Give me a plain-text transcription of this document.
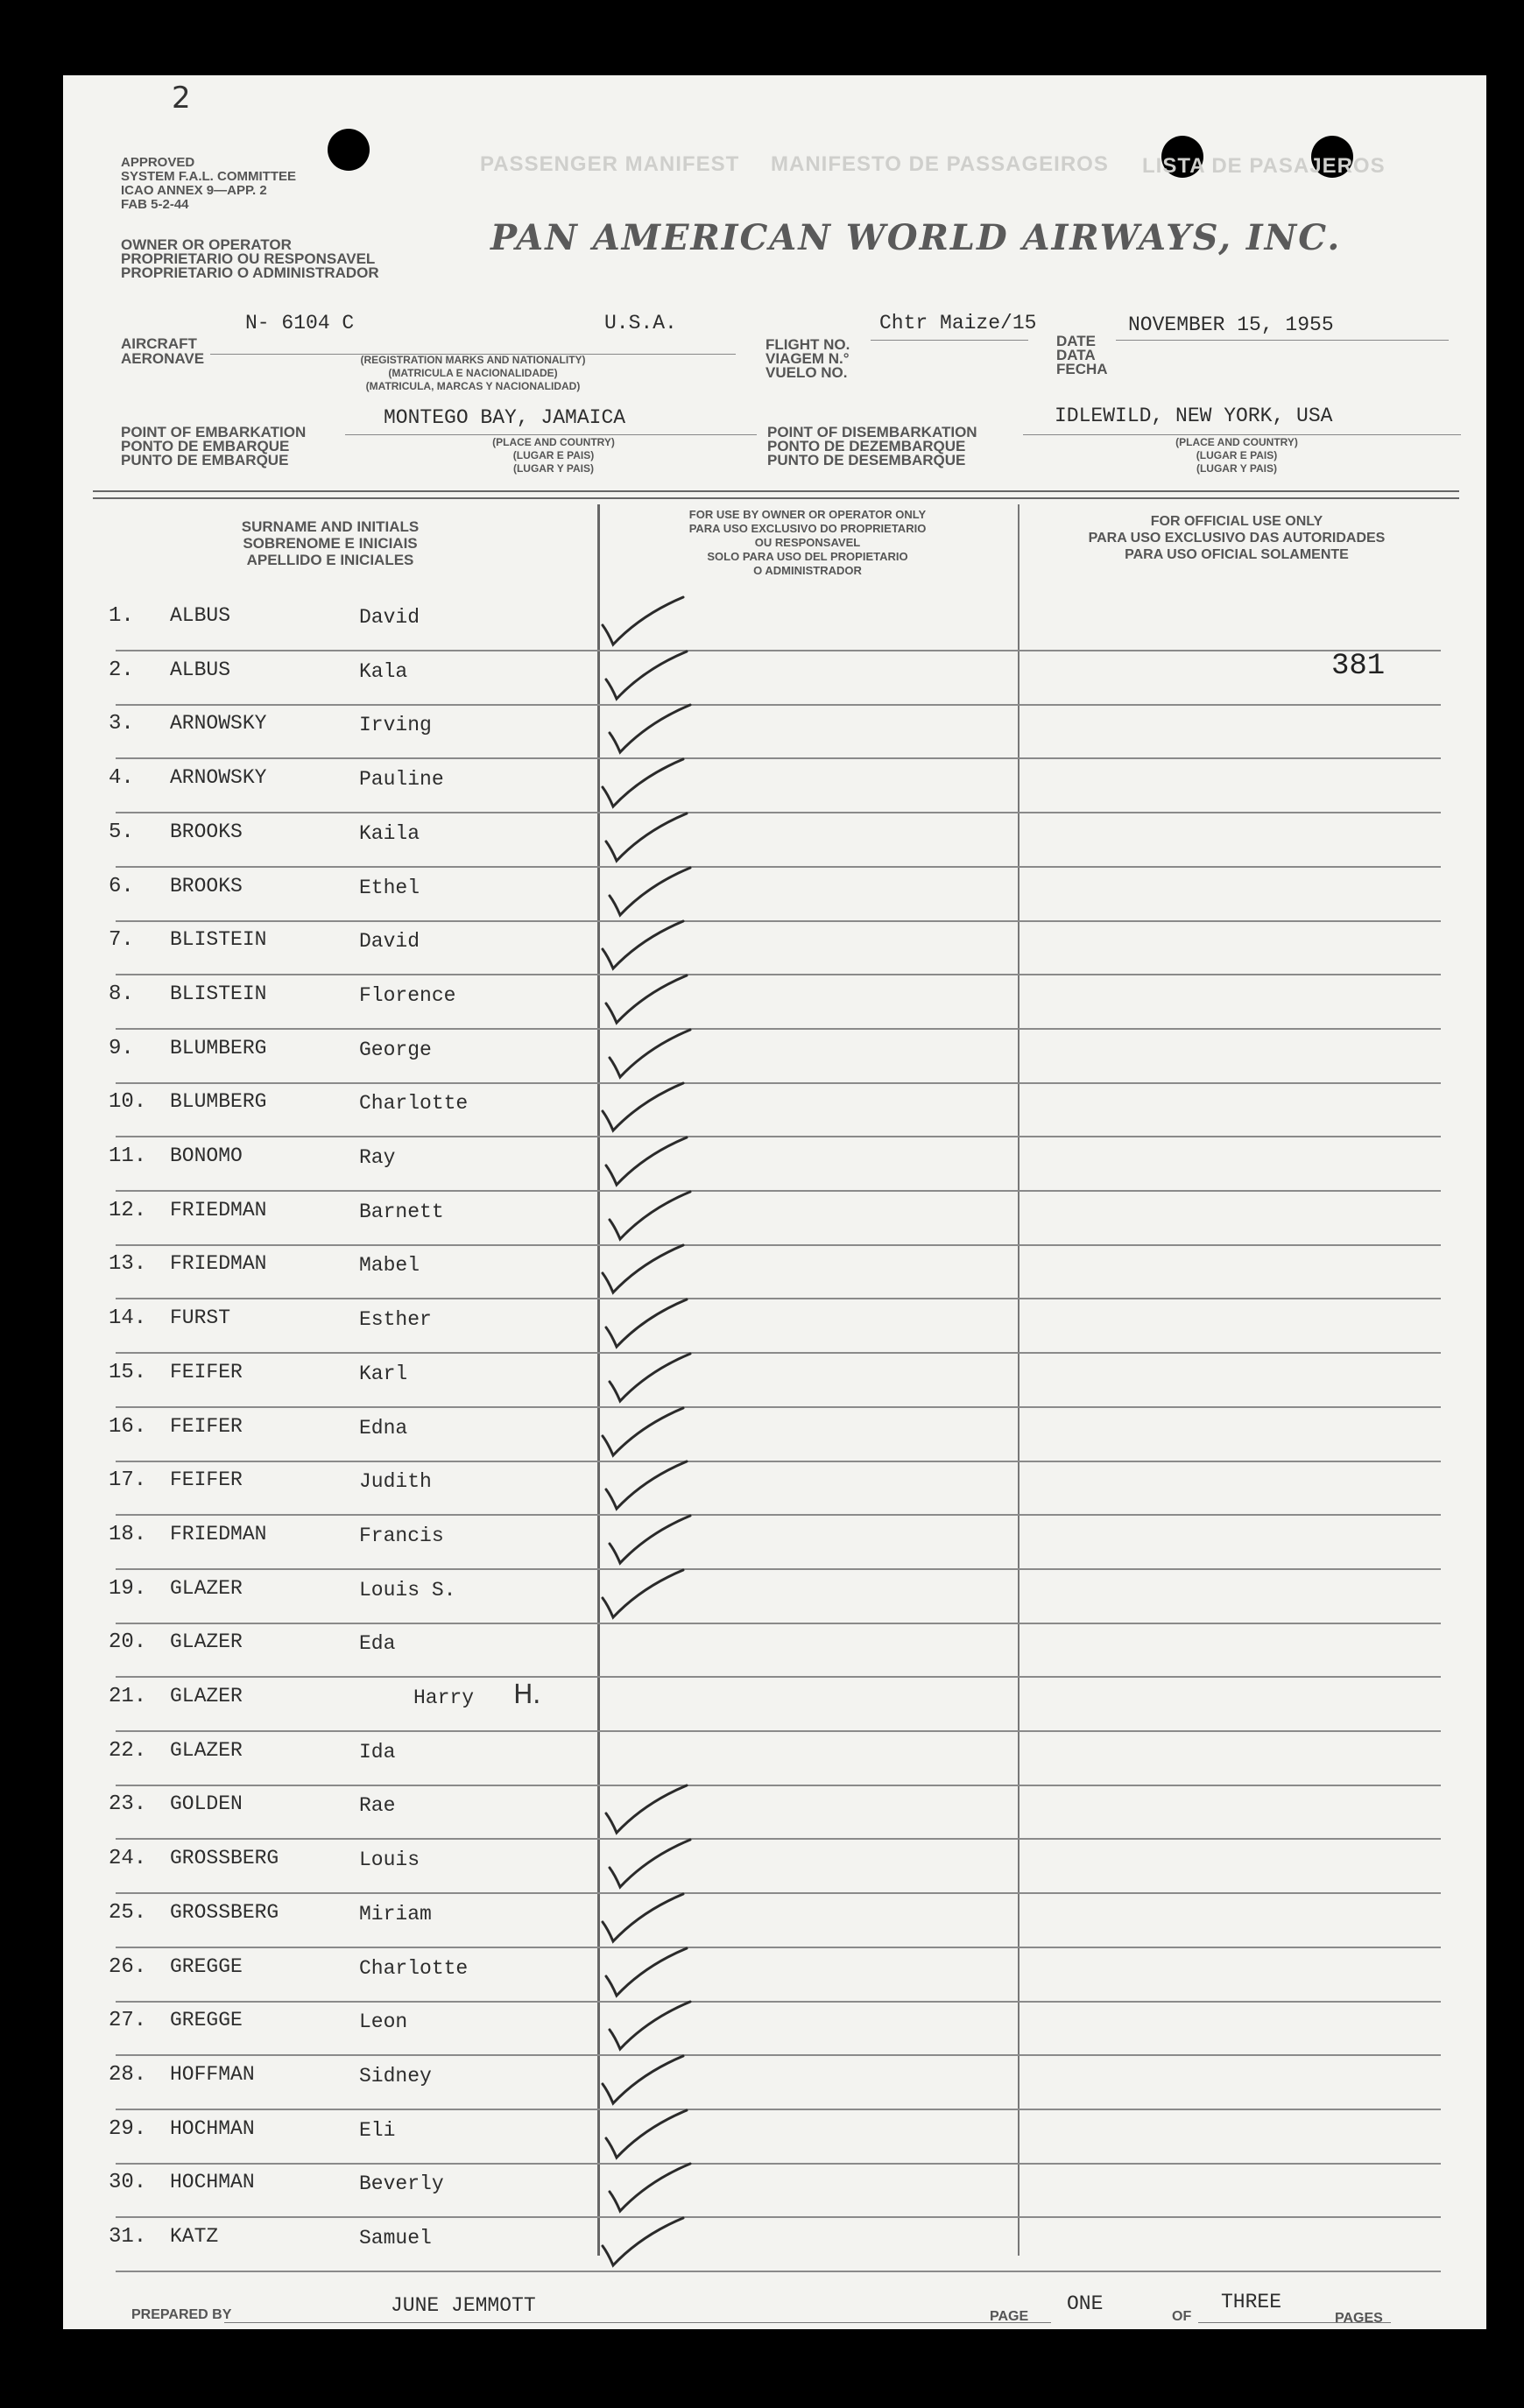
2
APPROVED
SYSTEM F.A.L. COMMITTEE
ICAO ANNEX 9—APP. 2
FAB 5-2-44
PASSENGER MANIFEST MANIFESTO DE PASSAGEIROS LISTA DE PASAJEROS
OWNER OR OPERATOR
PROPRIETARIO OU RESPONSAVEL
PROPRIETARIO O ADMINISTRADOR
PAN AMERICAN WORLD AIRWAYS, INC.
AIRCRAFT
AERONAVE
N- 6104 C	U.S.A.
(REGISTRATION MARKS AND NATIONALITY)
(MATRICULA E NACIONALIDADE)
(MATRICULA, MARCAS Y NACIONALIDAD)
FLIGHT NO.
VIAGEM N.°
VUELO NO.
Chtr Maize/15
DATE
DATA
FECHA
NOVEMBER 15, 1955
POINT OF EMBARKATION
PONTO DE EMBARQUE
PUNTO DE EMBARQUE
MONTEGO BAY, JAMAICA
(PLACE AND COUNTRY)
(LUGAR E PAIS)
(LUGAR Y PAIS)
POINT OF DISEMBARKATION
PONTO DE DEZEMBARQUE
PUNTO DE DESEMBARQUE
IDLEWILD, NEW YORK, USA
(PLACE AND COUNTRY)
(LUGAR E PAIS)
(LUGAR Y PAIS)
SURNAME AND INITIALS
SOBRENOME E INICIAIS
APELLIDO E INICIALES
FOR USE BY OWNER OR OPERATOR ONLY
PARA USO EXCLUSIVO DO PROPRIETARIO
OU RESPONSAVEL
SOLO PARA USO DEL PROPIETARIO
O ADMINISTRADOR
FOR OFFICIAL USE ONLY
PARA USO EXCLUSIVO DAS AUTORIDADES
PARA USO OFICIAL SOLAMENTE
381
1. ALBUS	David
2. ALBUS	Kala
3. ARNOWSKY	Irving
4. ARNOWSKY	Pauline
5. BROOKS	Kaila
6. BROOKS	Ethel
7. BLISTEIN	David
8. BLISTEIN	Florence
9. BLUMBERG	George
10. BLUMBERG	Charlotte
11. BONOMO	Ray
12. FRIEDMAN	Barnett
13. FRIEDMAN	Mabel
14. FURST	Esther
15. FEIFER	Karl
16. FEIFER	Edna
17. FEIFER	Judith
18. FRIEDMAN	Francis
19. GLAZER	Louis S.
20. GLAZER	Eda
21. GLAZER	Harry H.
22. GLAZER	Ida
23. GOLDEN	Rae
24. GROSSBERG	Louis
25. GROSSBERG	Miriam
26. GREGGE	Charlotte
27. GREGGE	Leon
28. HOFFMAN	Sidney
29. HOCHMAN	Eli
30. HOCHMAN	Beverly
31. KATZ	Samuel
PREPARED BY	JUNE JEMMOTT	PAGE
ONE
OF
THREE
PAGES
